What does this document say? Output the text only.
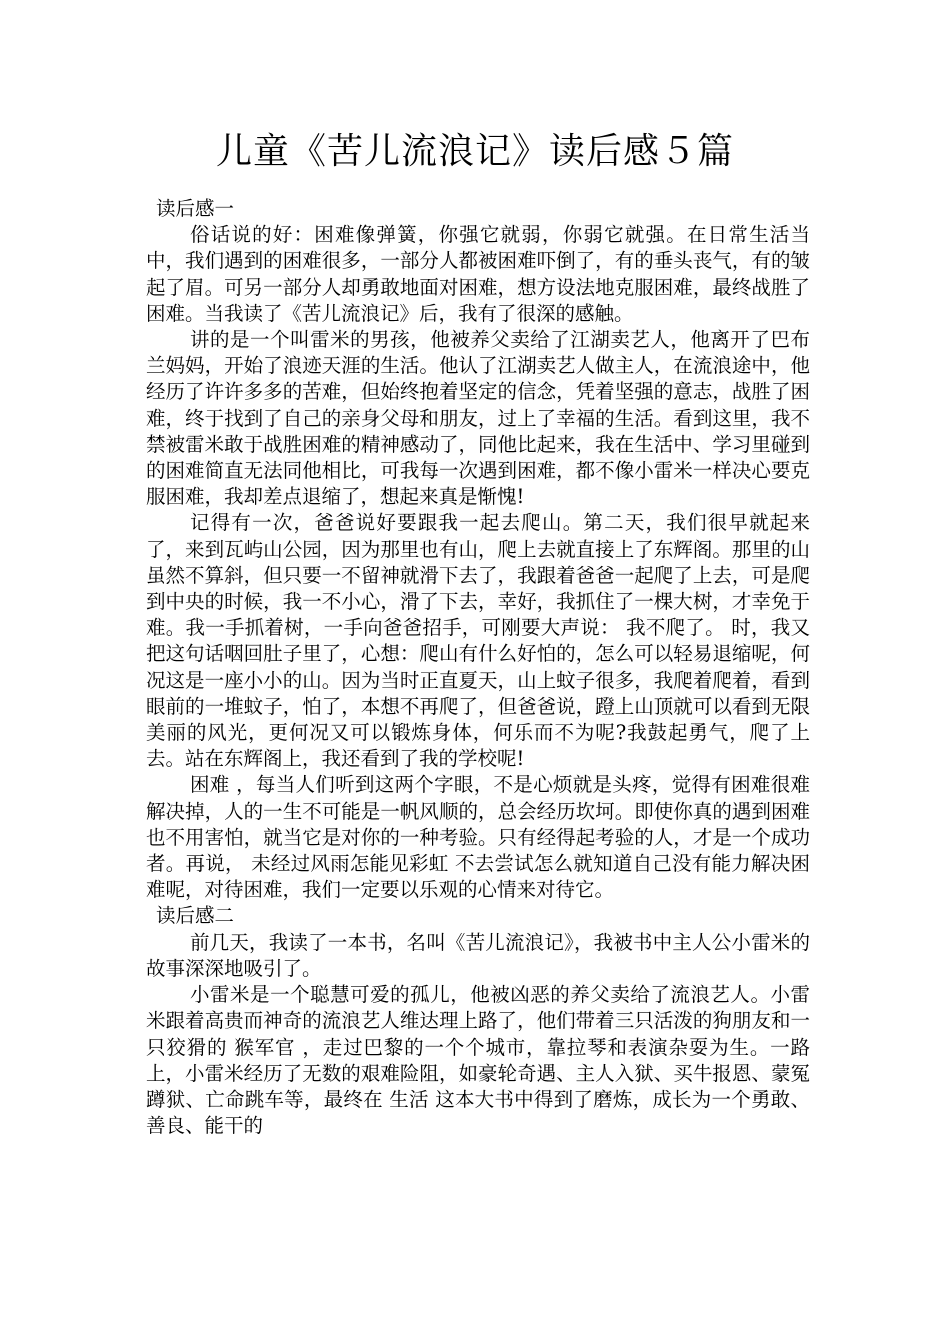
儿童《苦儿流浪记》读后感５篇

读后感一

俗话说的好：困难像弹簧，你强它就弱，你弱它就强。在日常生活当中，我们遇到的困难很多，一部分人都被困难吓倒了，有的垂头丧气，有的皱起了眉。可另一部分人却勇敢地面对困难，想方设法地克服困难，最终战胜了困难。当我读了《苦儿流浪记》后，我有了很深的感触。

讲的是一个叫雷米的男孩，他被养父卖给了江湖卖艺人，他离开了巴布兰妈妈，开始了浪迹天涯的生活。他认了江湖卖艺人做主人，在流浪途中，他经历了许许多多的苦难，但始终抱着坚定的信念，凭着坚强的意志，战胜了困难，终于找到了自己的亲身父母和朋友，过上了幸福的生活。看到这里，我不禁被雷米敢于战胜困难的精神感动了，同他比起来，我在生活中、学习里碰到的困难简直无法同他相比，可我每一次遇到困难，都不像小雷米一样决心要克服困难，我却差点退缩了，想起来真是惭愧!

记得有一次，爸爸说好要跟我一起去爬山。第二天，我们很早就起来了，来到瓦屿山公园，因为那里也有山，爬上去就直接上了东辉阁。那里的山虽然不算斜，但只要一不留神就滑下去了，我跟着爸爸一起爬了上去，可是爬到中央的时候，我一不小心，滑了下去，幸好，我抓住了一棵大树，才幸免于难。我一手抓着树，一手向爸爸招手，可刚要大声说： 我不爬了。 时，我又把这句话咽回肚子里了，心想：爬山有什么好怕的，怎么可以轻易退缩呢，何况这是一座小小的山。因为当时正直夏天，山上蚊子很多，我爬着爬着，看到眼前的一堆蚊子，怕了，本想不再爬了，但爸爸说，蹬上山顶就可以看到无限美丽的风光，更何况又可以锻炼身体，何乐而不为呢?我鼓起勇气，爬了上去。站在东辉阁上，我还看到了我的学校呢!

困难 ，每当人们听到这两个字眼，不是心烦就是头疼，觉得有困难很难解决掉，人的一生不可能是一帆风顺的，总会经历坎坷。即使你真的遇到困难也不用害怕，就当它是对你的一种考验。只有经得起考验的人，才是一个成功者。再说， 未经过风雨怎能见彩虹 不去尝试怎么就知道自己没有能力解决困难呢，对待困难，我们一定要以乐观的心情来对待它。

读后感二

前几天，我读了一本书，名叫《苦儿流浪记》，我被书中主人公小雷米的故事深深地吸引了。

小雷米是一个聪慧可爱的孤儿，他被凶恶的养父卖给了流浪艺人。小雷米跟着高贵而神奇的流浪艺人维达理上路了，他们带着三只活泼的狗朋友和一只狡猾的 猴军官 ，走过巴黎的一个个城市，靠拉琴和表演杂耍为生。一路上，小雷米经历了无数的艰难险阻，如豪轮奇遇、主人入狱、买牛报恩、蒙冤蹲狱、亡命跳车等，最终在 生活 这本大书中得到了磨炼，成长为一个勇敢、善良、能干的
